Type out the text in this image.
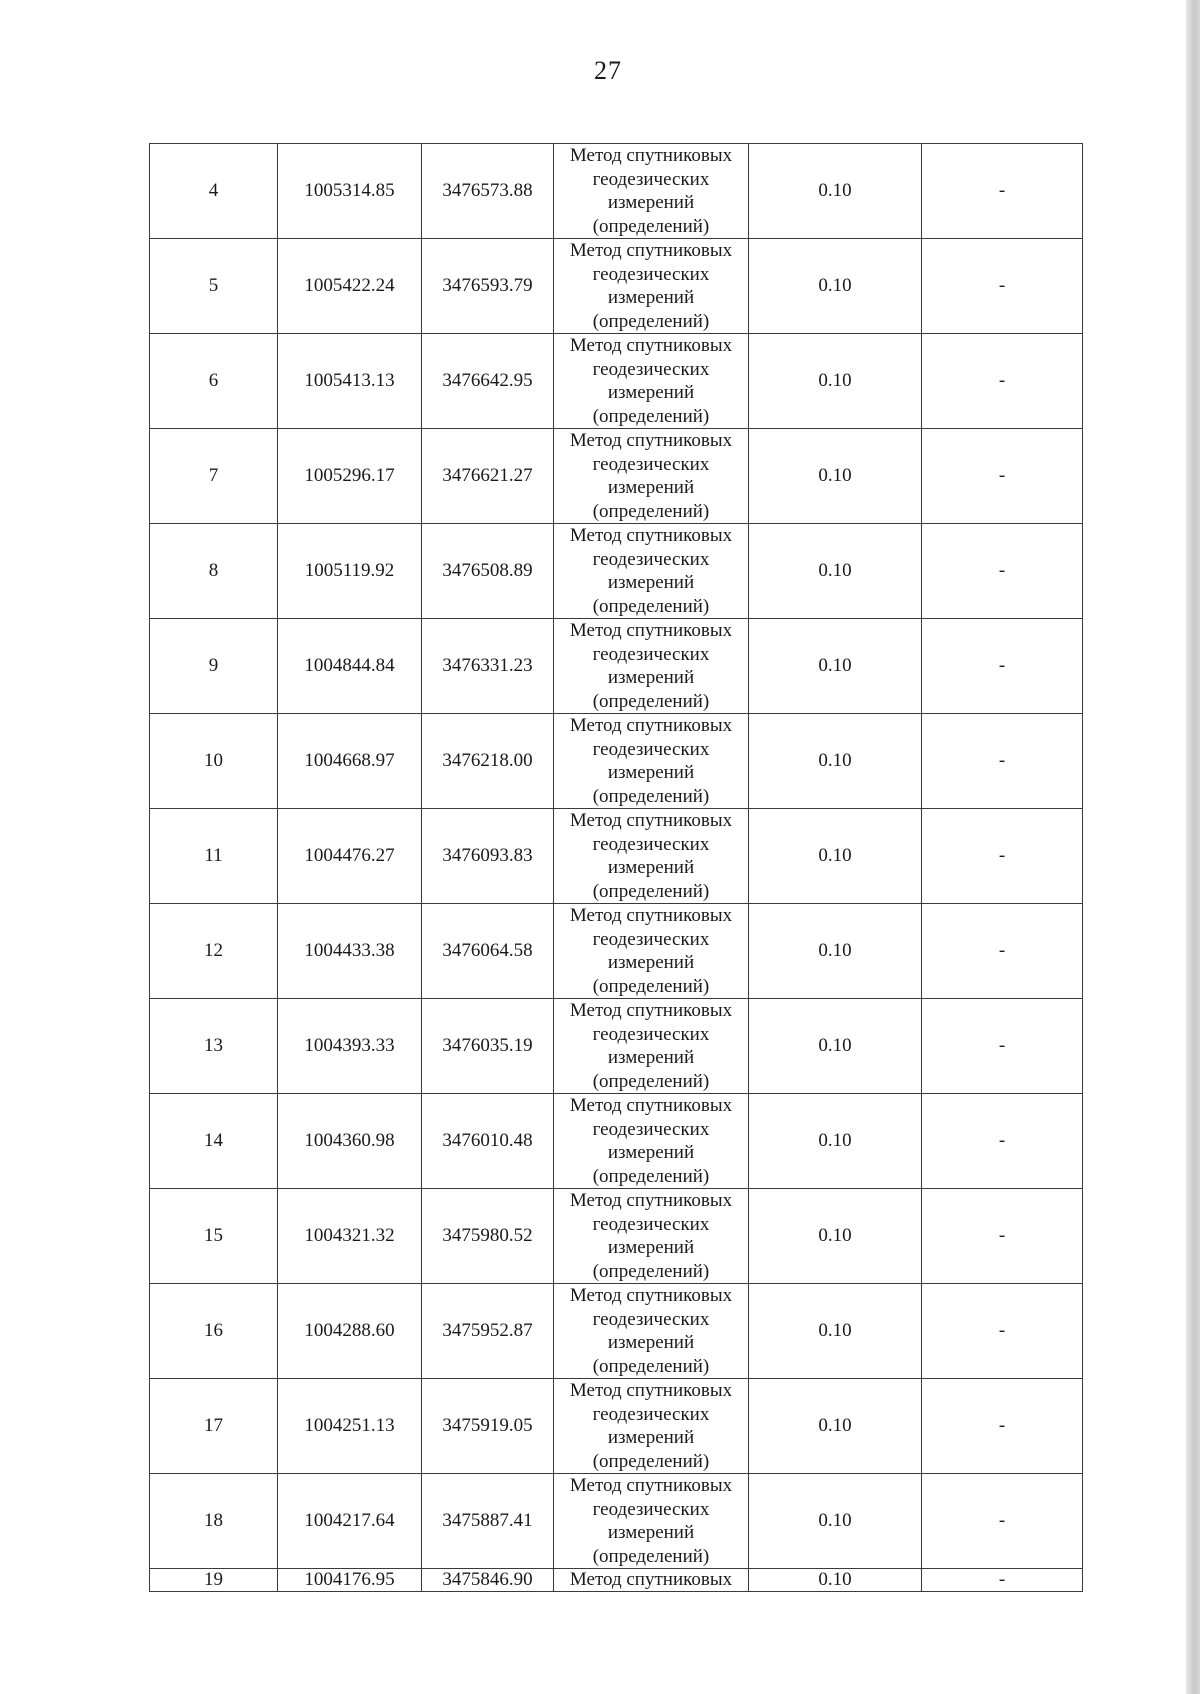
27
4	1005314.85	3476573.88	Метод спутниковых
геодезических
измерений
(определений)	0.10	-
5	1005422.24	3476593.79	Метод спутниковых
геодезических
измерений
(определений)	0.10	-
6	1005413.13	3476642.95	Метод спутниковых
геодезических
измерений
(определений)	0.10	-
7	1005296.17	3476621.27	Метод спутниковых
геодезических
измерений
(определений)	0.10	-
8	1005119.92	3476508.89	Метод спутниковых
геодезических
измерений
(определений)	0.10	-
9	1004844.84	3476331.23	Метод спутниковых
геодезических
измерений
(определений)	0.10	-
10	1004668.97	3476218.00	Метод спутниковых
геодезических
измерений
(определений)	0.10	-
11	1004476.27	3476093.83	Метод спутниковых
геодезических
измерений
(определений)	0.10	-
12	1004433.38	3476064.58	Метод спутниковых
геодезических
измерений
(определений)	0.10	-
13	1004393.33	3476035.19	Метод спутниковых
геодезических
измерений
(определений)	0.10	-
14	1004360.98	3476010.48	Метод спутниковых
геодезических
измерений
(определений)	0.10	-
15	1004321.32	3475980.52	Метод спутниковых
геодезических
измерений
(определений)	0.10	-
16	1004288.60	3475952.87	Метод спутниковых
геодезических
измерений
(определений)	0.10	-
17	1004251.13	3475919.05	Метод спутниковых
геодезических
измерений
(определений)	0.10	-
18	1004217.64	3475887.41	Метод спутниковых
геодезических
измерений
(определений)	0.10	-
19	1004176.95	3475846.90	Метод спутниковых	0.10	-
